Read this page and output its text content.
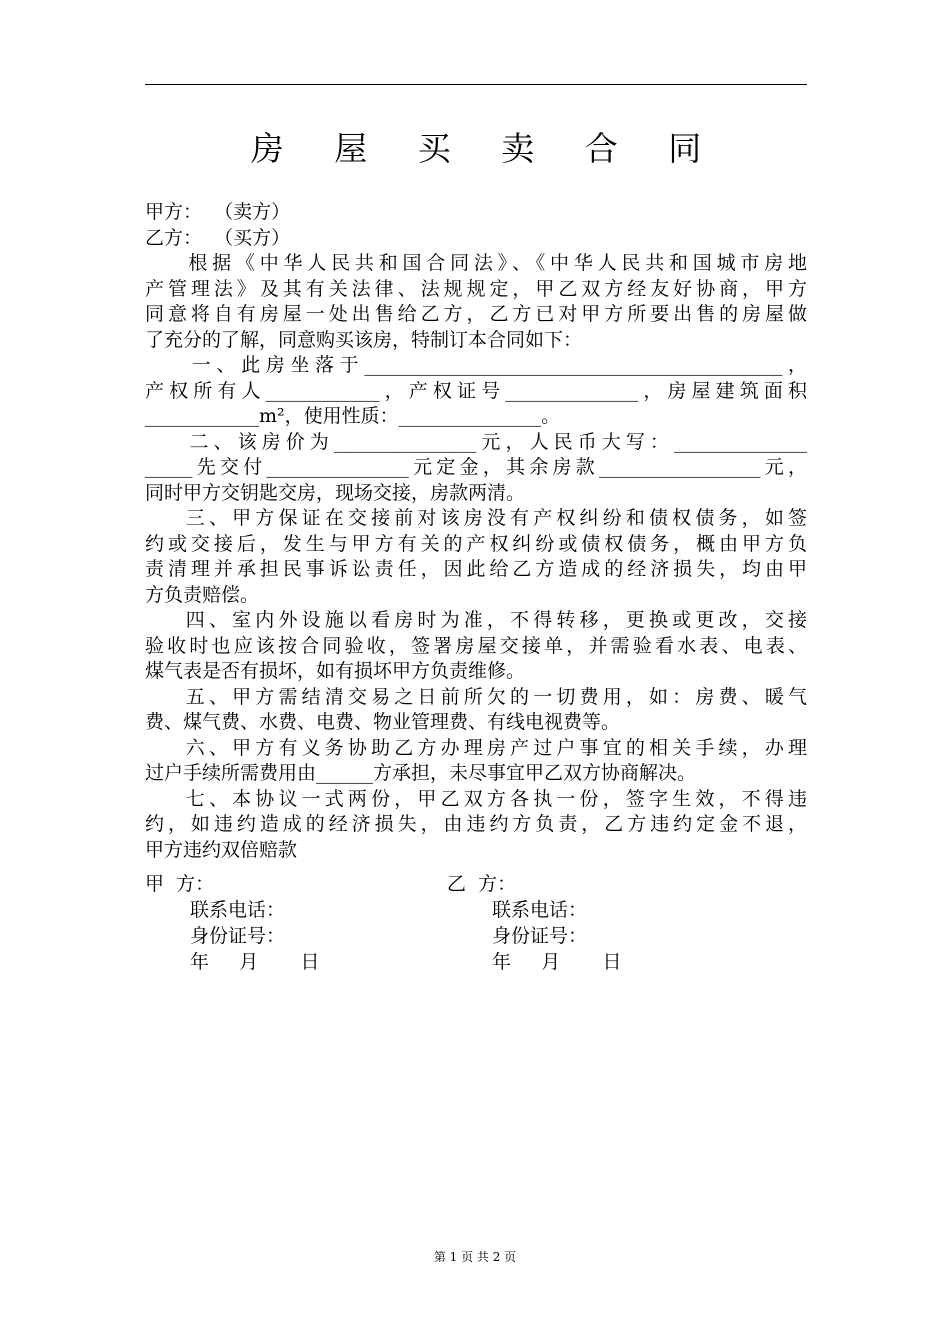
房 屋 买 卖 合 同
甲方：  （卖方）
乙方：  （买方）
根据《中华人民共和国合同法》、《中华人民共和国城市房地
产管理法》及其有关法律、法规规定，甲乙双方经友好协商，甲方
同意将自有房屋一处出售给乙方，乙方已对甲方所要出售的房屋做
了充分的了解，同意购买该房，特制订本合同如下：
一、此房坐落于____________________________________________，
产权所有人____________，产权证号______________，房屋建筑面积
____________m²，使用性质：_______________。
二、该房价为_______________元，人民币大写：______________
_____先交付_______________元定金，其余房款_________________元，
同时甲方交钥匙交房，现场交接，房款两清。
三、甲方保证在交接前对该房没有产权纠纷和债权债务，如签
约或交接后，发生与甲方有关的产权纠纷或债权债务，概由甲方负
责清理并承担民事诉讼责任，因此给乙方造成的经济损失，均由甲
方负责赔偿。
四、室内外设施以看房时为准，不得转移，更换或更改，交接
验收时也应该按合同验收，签署房屋交接单，并需验看水表、电表、
煤气表是否有损坏，如有损坏甲方负责维修。
五、甲方需结清交易之日前所欠的一切费用，如：房费、暖气
费、煤气费、水费、电费、物业管理费、有线电视费等。
六、甲方有义务协助乙方办理房产过户事宜的相关手续，办理
过户手续所需费用由______方承担，未尽事宜甲乙双方协商解决。
七、本协议一式两份，甲乙双方各执一份，签字生效，不得违
约，如违约造成的经济损失，由违约方负责，乙方违约定金不退，
甲方违约双倍赔款
甲  方：
联系电话：
身份证号：
年     月       日
乙  方：
联系电话：
身份证号：
年     月       日
第 1 页 共 2 页
